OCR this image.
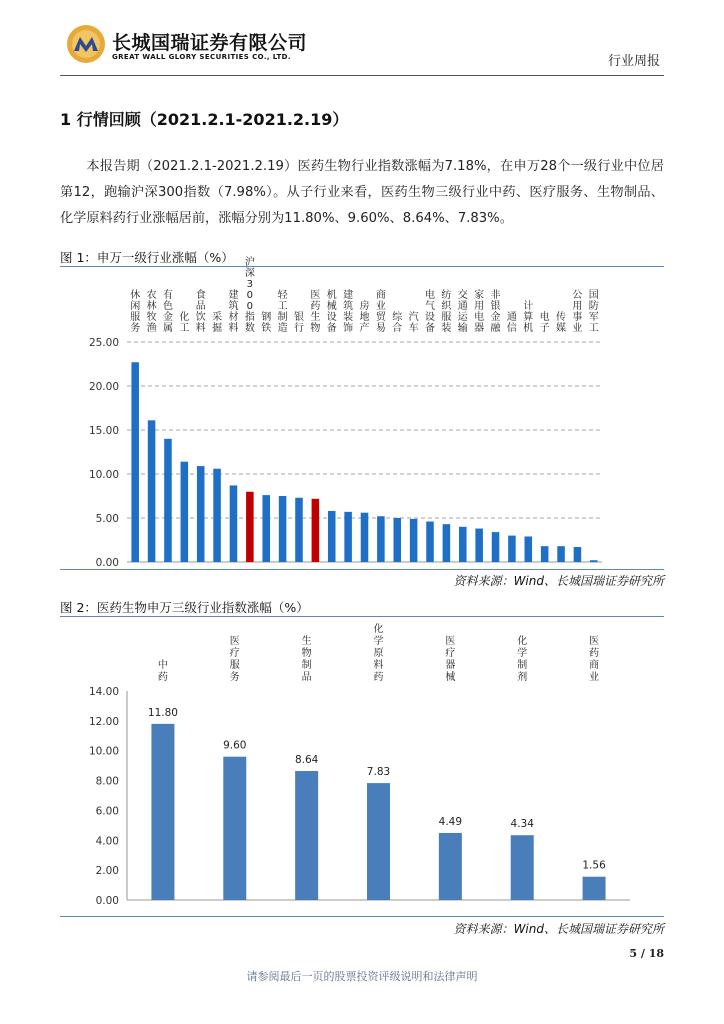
长城国瑞证券有限公司
GREAT WALL GLORY SECURITIES CO., LTD.	行业周报
1 行情回顾（2021.2.1-2021.2.19）
本报告期（2021.2.1-2021.2.19）医药生物行业指数涨幅为7.18%，在申万28个一级行业中位居第12，跑输沪深300指数（7.98%）。从子行业来看，医药生物三级行业中药、医疗服务、生物制品、化学原料药行业涨幅居前，涨幅分别为11.80%、9.60%、8.64%、7.83%。
图 1：申万一级行业涨幅（%）
0.00
5.00
10.00
15.00
20.00
25.00
休闲服务
农林牧渔
有色金属
化工
食品饮料
采掘
建筑材料
沪深 3 0 0 指数
钢铁
轻工制造
银行
医药生物
机械设备
建筑装饰
房地产
商业贸易
综合
汽车
电气设备
纺织服装
交通运输
家用电器
非银金融
通信
计算机
电子
传媒
公用事业
国防军工
资料来源：Wind、长城国瑞证券研究所
图 2：医药生物申万三级行业指数涨幅（%）
0.00
2.00
4.00
6.00
8.00
10.00
12.00
14.00
11.80
中药
9.60
医疗服务
8.64
生物制品
7.83
化学原料药
4.49
医疗器械
4.34
化学制剂
1.56
医药商业
资料来源：Wind、长城国瑞证券研究所
5 / 18
请参阅最后一页的股票投资评级说明和法律声明
